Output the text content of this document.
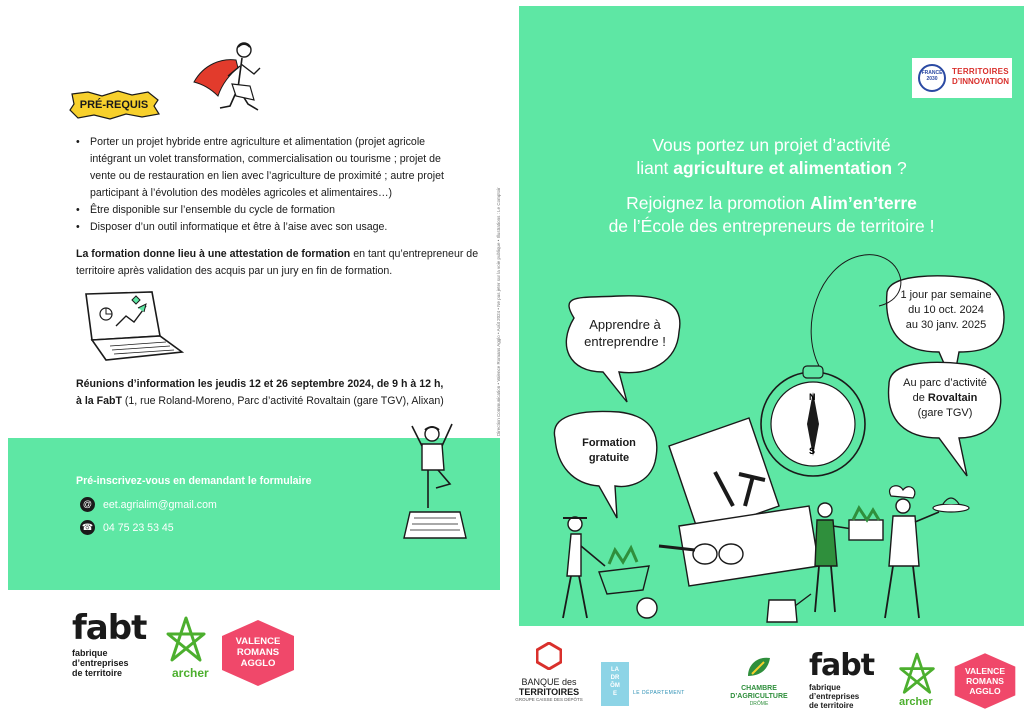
PRÉ-REQUIS
• Porter un projet hybride entre agriculture et alimentation (projet agricole intégrant un volet transformation, commercialisation ou tourisme ; projet de vente ou de restauration en lien avec l’agriculture de proximité ; autre projet participant à l’évolution des modèles agricoles et alimentaires…)
• Être disponible sur l’ensemble du cycle de formation
• Disposer d’un outil informatique et être à l’aise avec son usage.

La formation donne lieu à une attestation de formation en tant qu’entrepreneur de territoire après validation des acquis par un jury en fin de formation.

Réunions d’information les jeudis 12 et 26 septembre 2024, de 9 h à 12 h,
à la FabT (1, rue Roland-Moreno, Parc d’activité Rovaltain (gare TGV), Alixan)

Pré-inscrivez-vous en demandant le formulaire
@ eet.agrialim@gmail.com
☎ 04 75 23 53 45
fabt
fabrique
d’entreprises
de territoire	archer
VALENCE
ROMANS
AGGLO
Direction Communication • Valence Romans Agglo • Août 2024 • Ne pas jeter sur la voie publique • Illustrations : Le Comptoir
FRANCE 2030
TERRITOIRES
D’INNOVATION
Vous portez un projet d’activité
liant agriculture et alimentation ?
Rejoignez la promotion Alim’en’terre
de l’École des entrepreneurs de territoire !
N
S
Apprendre à
entreprendre !
Formation
gratuite
1 jour par semaine
du 10 oct. 2024
au 30 janv. 2025
Au parc d’activité
de Rovaltain
(gare TGV)
BANQUE des
TERRITOIRES
GROUPE CAISSE DES DÉPÔTS
LA
DR
ÔM
E	LE DÉPARTEMENT
CHAMBRE
D’AGRICULTURE
DRÔME
fabt
fabrique
d’entreprises
de territoire	archer
VALENCE
ROMANS
AGGLO
